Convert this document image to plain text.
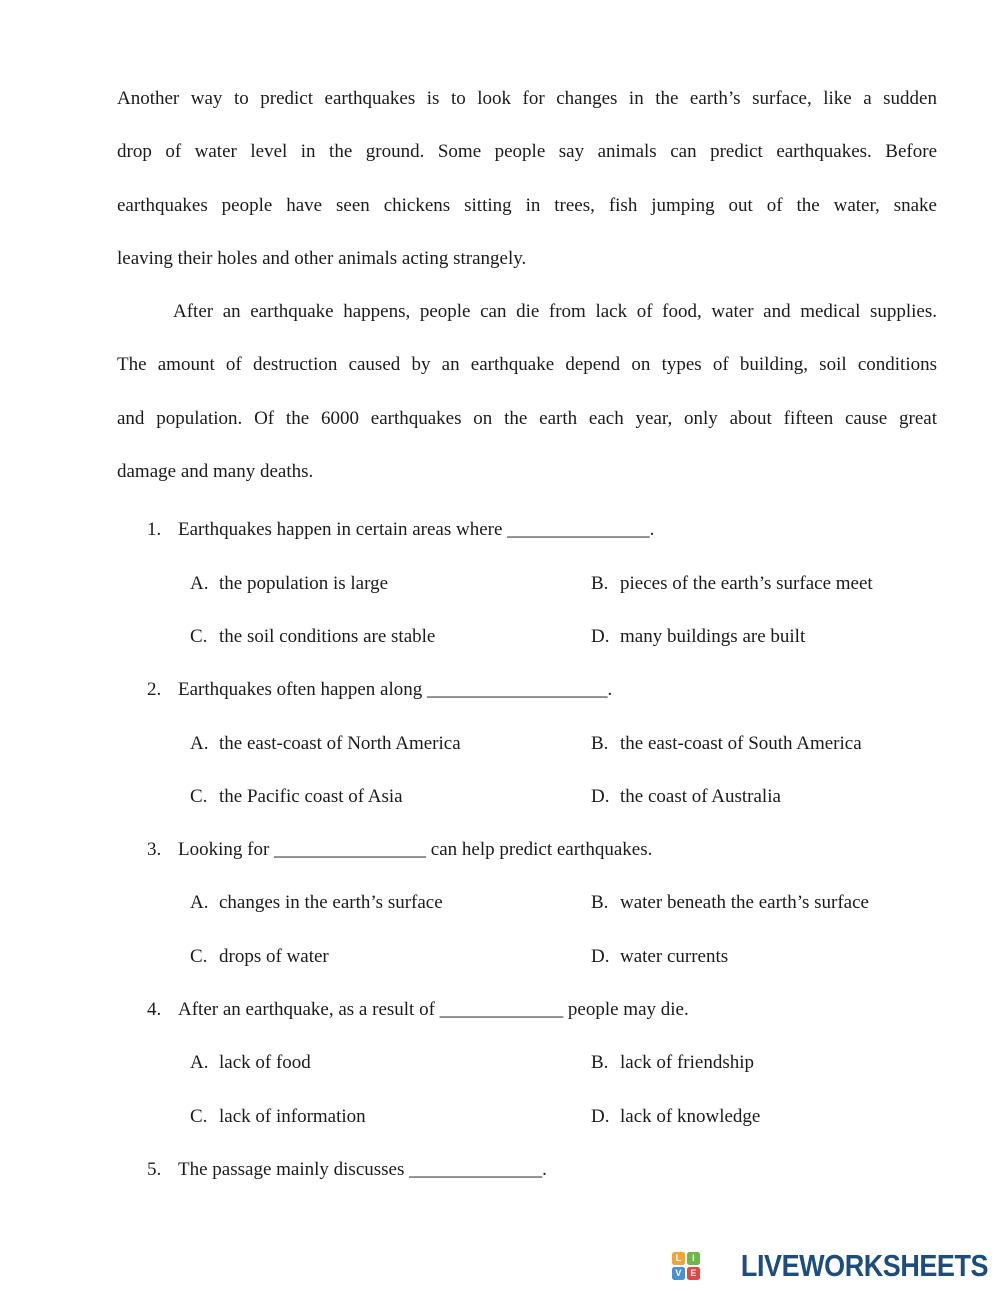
Another way to predict earthquakes is to look for changes in the earth’s surface, like a sudden
drop of water level in the ground. Some people say animals can predict earthquakes. Before
earthquakes people have seen chickens sitting in trees, fish jumping out of the water, snake
leaving their holes and other animals acting strangely.
After an earthquake happens, people can die from lack of food, water and medical supplies.
The amount of destruction caused by an earthquake depend on types of building, soil conditions
and population. Of the 6000 earthquakes on the earth each year, only about fifteen cause great
damage and many deaths.
1. Earthquakes happen in certain areas where _______________.
A. the population is large	B. pieces of the earth’s surface meet
C. the soil conditions are stable	D. many buildings are built
2. Earthquakes often happen along ___________________.
A. the east-coast of North America	B. the east-coast of South America
C. the Pacific coast of Asia	D. the coast of Australia
3. Looking for ________________ can help predict earthquakes.
A. changes in the earth’s surface	B. water beneath the earth’s surface
C. drops of water	D. water currents
4. After an earthquake, as a result of _____________ people may die.
A. lack of food	B. lack of friendship
C. lack of information	D. lack of knowledge
5. The passage mainly discusses ______________.
L	I
V E LIVEWORKSHEETS
